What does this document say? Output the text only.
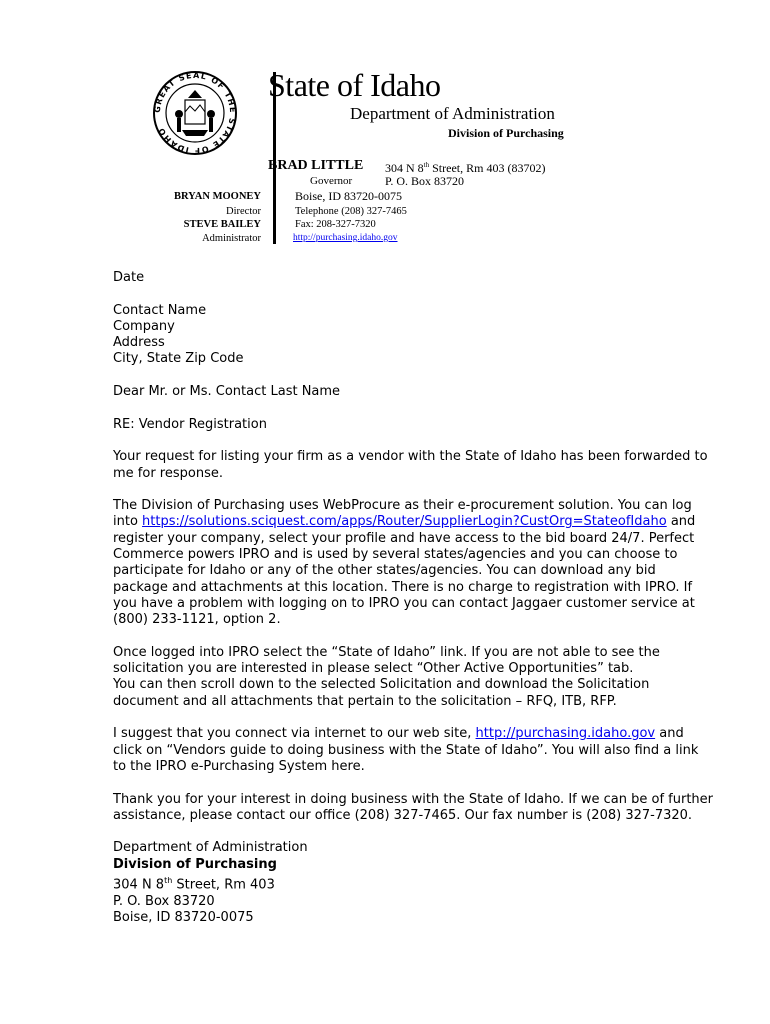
GREAT SEAL OF THE STATE OF IDAHO
State of Idaho
Department of Administration
Division of Purchasing
BRAD LITTLE
Governor
304 N 8th Street, Rm 403 (83702)
P. O. Box 83720
Boise, ID 83720-0075
Telephone (208) 327-7465
Fax: 208-327-7320
http://purchasing.idaho.gov
BRYAN MOONEY
Director
STEVE BAILEY
Administrator

Date

Contact Name
Company
Address
City, State Zip Code

Dear Mr. or Ms. Contact Last Name

RE: Vendor Registration

Your request for listing your firm as a vendor with the State of Idaho has been forwarded to me for response.

The Division of Purchasing uses WebProcure as their e-procurement solution. You can log into https://solutions.sciquest.com/apps/Router/SupplierLogin?CustOrg=StateofIdaho and register your company, select your profile and have access to the bid board 24/7. Perfect Commerce powers IPRO and is used by several states/agencies and you can choose to participate for Idaho or any of the other states/agencies. You can download any bid package and attachments at this location. There is no charge to registration with IPRO. If you have a problem with logging on to IPRO you can contact Jaggaer customer service at (800) 233-1121, option 2.

Once logged into IPRO select the “State of Idaho” link. If you are not able to see the solicitation you are interested in please select “Other Active Opportunities” tab.
You can then scroll down to the selected Solicitation and download the Solicitation document and all attachments that pertain to the solicitation – RFQ, ITB, RFP.

I suggest that you connect via internet to our web site, http://purchasing.idaho.gov and click on “Vendors guide to doing business with the State of Idaho”. You will also find a link to the IPRO e-Purchasing System here.

Thank you for your interest in doing business with the State of Idaho. If we can be of further assistance, please contact our office (208) 327-7465. Our fax number is (208) 327-7320.

Department of Administration
Division of Purchasing
304 N 8th Street, Rm 403
P. O. Box 83720
Boise, ID 83720-0075
